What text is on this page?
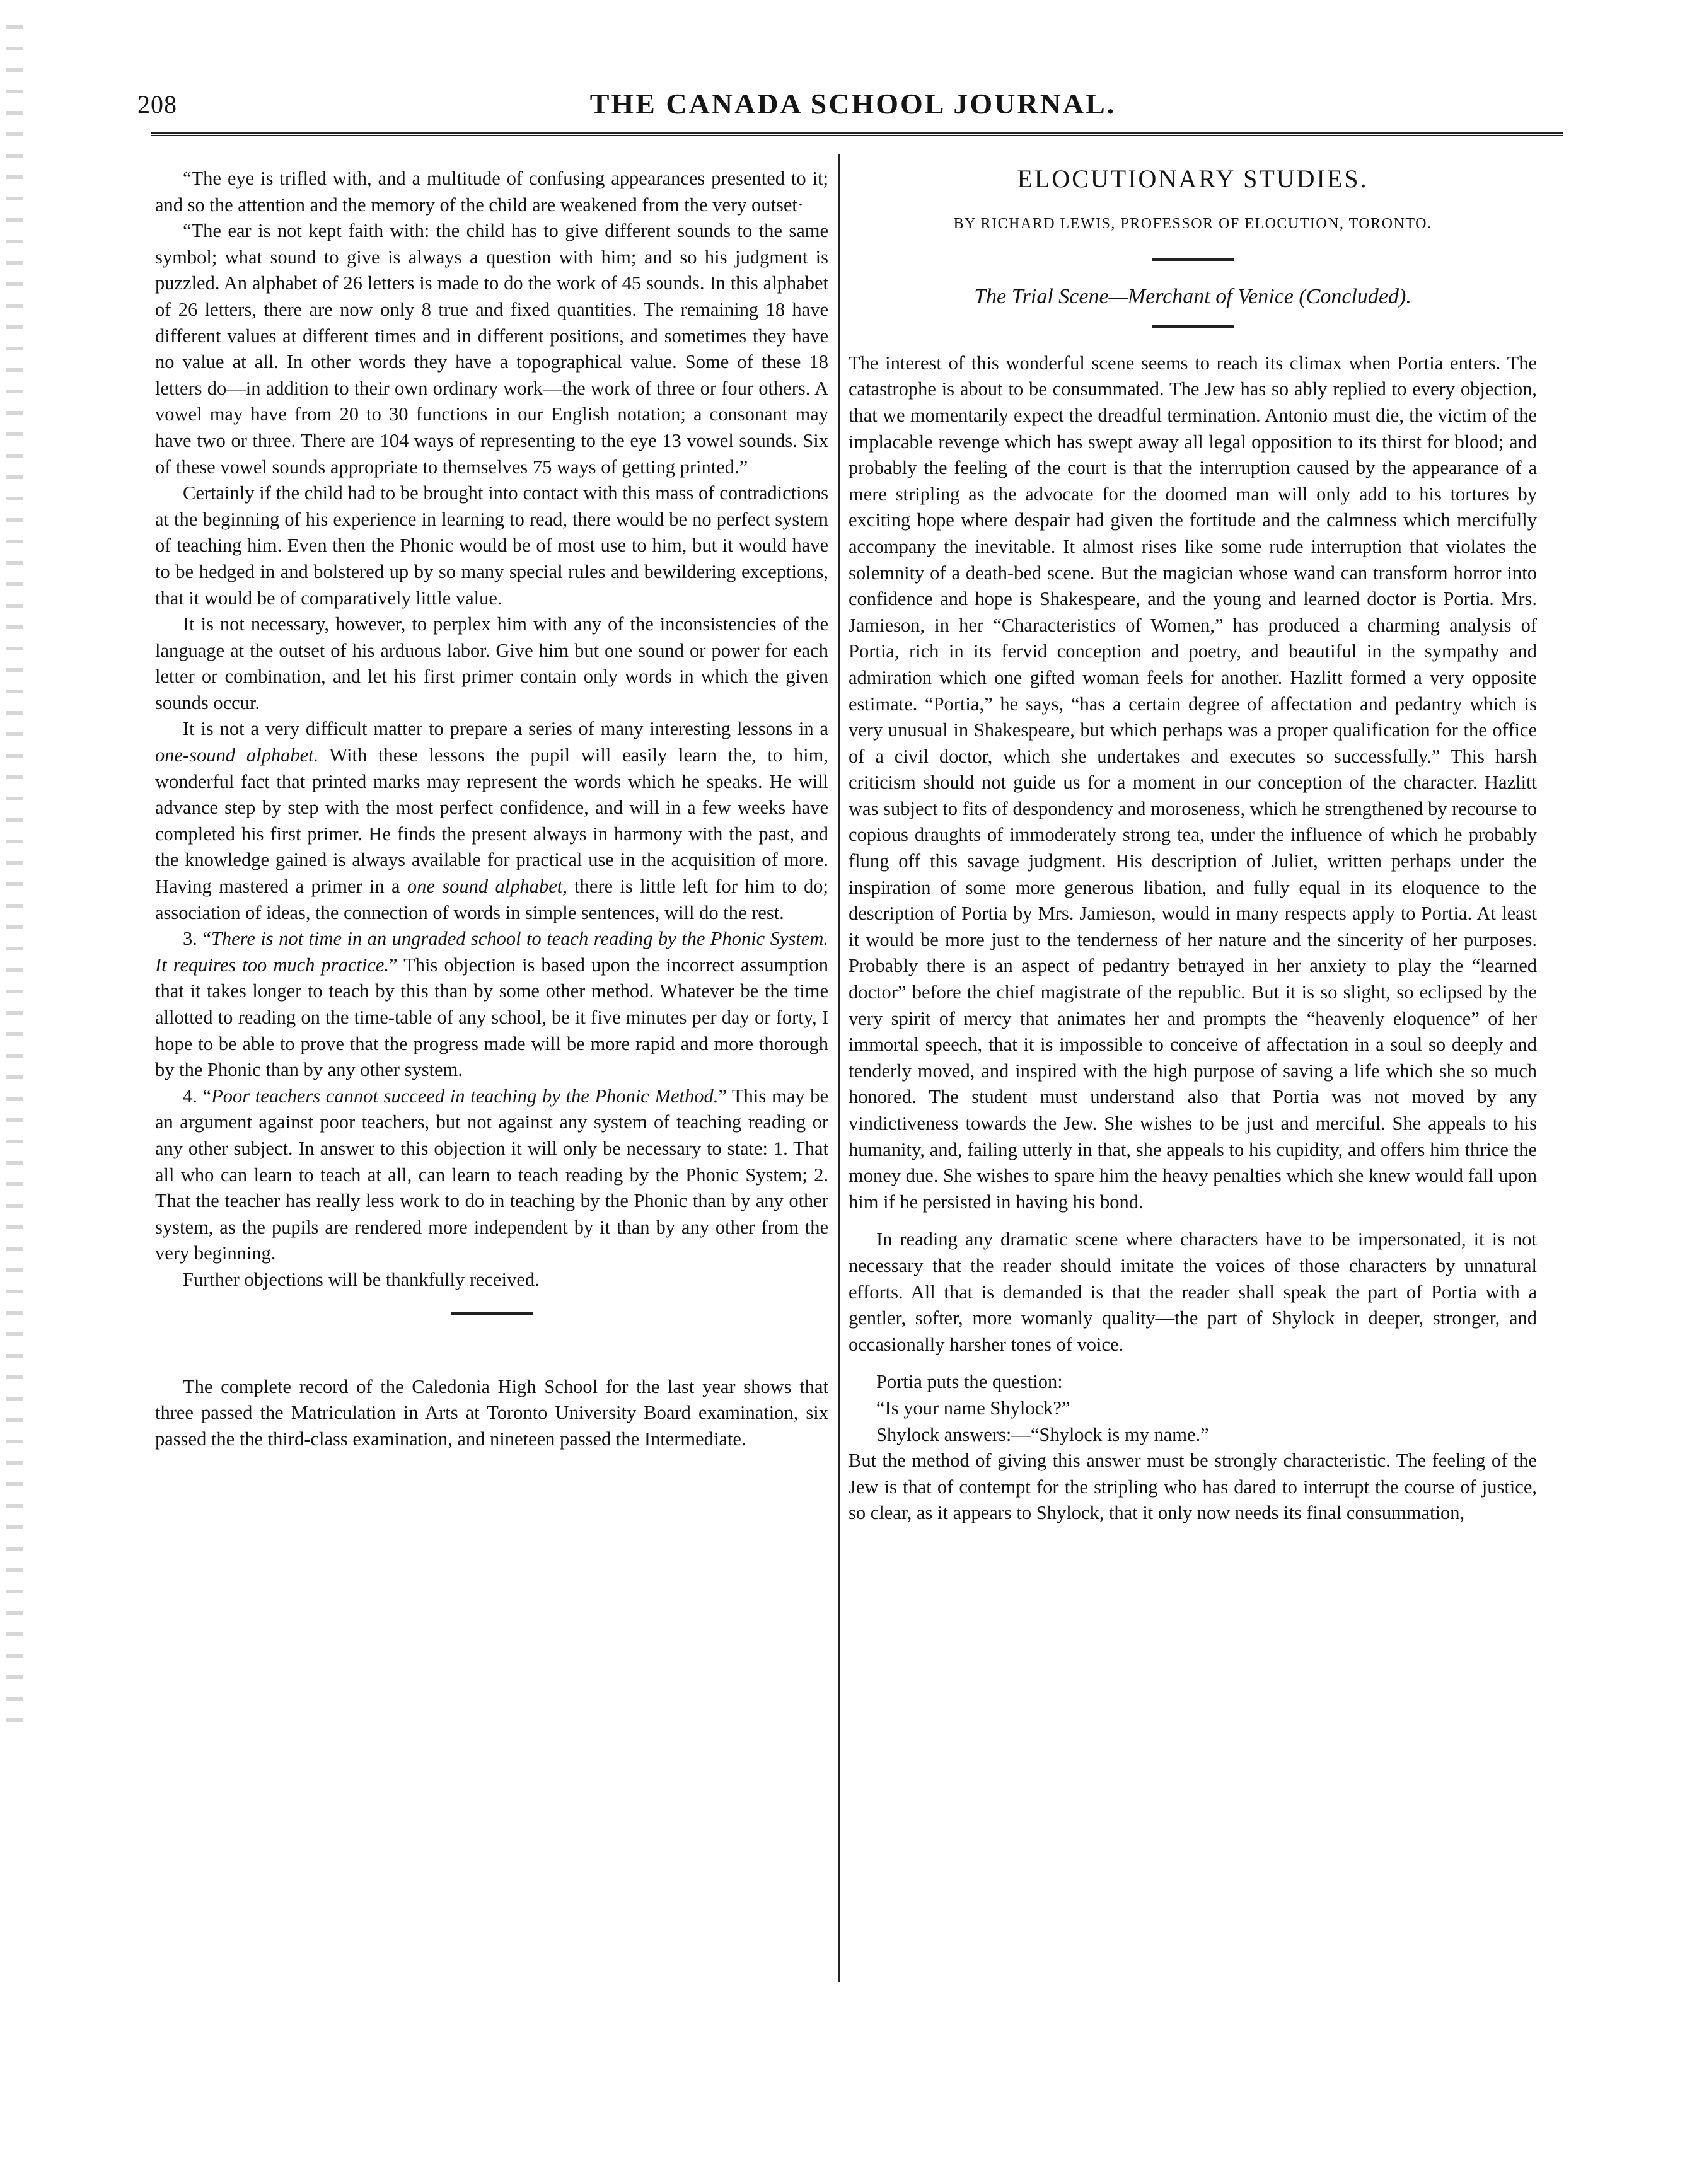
208	THE CANADA SCHOOL JOURNAL.

“The eye is trifled with, and a multitude of confusing appearances presented to it; and so the attention and the memory of the child are weakened from the very outset·

“The ear is not kept faith with: the child has to give different sounds to the same symbol; what sound to give is always a question with him; and so his judgment is puzzled. An alphabet of 26 letters is made to do the work of 45 sounds. In this alphabet of 26 letters, there are now only 8 true and fixed quantities. The remaining 18 have different values at different times and in different positions, and sometimes they have no value at all. In other words they have a topographical value. Some of these 18 letters do—in addition to their own ordinary work—the work of three or four others. A vowel may have from 20 to 30 functions in our English notation; a consonant may have two or three. There are 104 ways of representing to the eye 13 vowel sounds. Six of these vowel sounds appropriate to themselves 75 ways of getting printed.”

Certainly if the child had to be brought into contact with this mass of contradictions at the beginning of his experience in learning to read, there would be no perfect system of teaching him. Even then the Phonic would be of most use to him, but it would have to be hedged in and bolstered up by so many special rules and bewildering exceptions, that it would be of comparatively little value.

It is not necessary, however, to perplex him with any of the inconsistencies of the language at the outset of his arduous labor. Give him but one sound or power for each letter or combination, and let his first primer contain only words in which the given sounds occur.

It is not a very difficult matter to prepare a series of many interesting lessons in a one-sound alphabet. With these lessons the pupil will easily learn the, to him, wonderful fact that printed marks may represent the words which he speaks. He will advance step by step with the most perfect confidence, and will in a few weeks have completed his first primer. He finds the present always in harmony with the past, and the knowledge gained is always available for practical use in the acquisition of more. Having mastered a primer in a one sound alphabet, there is little left for him to do; association of ideas, the connection of words in simple sentences, will do the rest.

3. “There is not time in an ungraded school to teach reading by the Phonic System. It requires too much practice.” This objection is based upon the incorrect assumption that it takes longer to teach by this than by some other method. Whatever be the time allotted to reading on the time-table of any school, be it five minutes per day or forty, I hope to be able to prove that the progress made will be more rapid and more thorough by the Phonic than by any other system.

4. “Poor teachers cannot succeed in teaching by the Phonic Method.” This may be an argument against poor teachers, but not against any system of teaching reading or any other subject. In answer to this objection it will only be necessary to state: 1. That all who can learn to teach at all, can learn to teach reading by the Phonic System; 2. That the teacher has really less work to do in teaching by the Phonic than by any other system, as the pupils are rendered more independent by it than by any other from the very beginning.

Further objections will be thankfully received.

The complete record of the Caledonia High School for the last year shows that three passed the Matriculation in Arts at Toronto University Board examination, six passed the the third-class examination, and nineteen passed the Intermediate.

ELOCUTIONARY STUDIES.
BY RICHARD LEWIS, PROFESSOR OF ELOCUTION, TORONTO.
The Trial Scene—Merchant of Venice (Concluded).

The interest of this wonderful scene seems to reach its climax when Portia enters. The catastrophe is about to be consummated. The Jew has so ably replied to every objection, that we momentarily expect the dreadful termination. Antonio must die, the victim of the implacable revenge which has swept away all legal opposition to its thirst for blood; and probably the feeling of the court is that the interruption caused by the appearance of a mere stripling as the advocate for the doomed man will only add to his tortures by exciting hope where despair had given the fortitude and the calmness which mercifully accompany the inevitable. It almost rises like some rude interruption that violates the solemnity of a death-bed scene. But the magician whose wand can transform horror into confidence and hope is Shakespeare, and the young and learned doctor is Portia. Mrs. Jamieson, in her “Characteristics of Women,” has produced a charming analysis of Portia, rich in its fervid conception and poetry, and beautiful in the sympathy and admiration which one gifted woman feels for another. Hazlitt formed a very opposite estimate. “Portia,” he says, “has a certain degree of affectation and pedantry which is very unusual in Shakespeare, but which perhaps was a proper qualification for the office of a civil doctor, which she undertakes and executes so successfully.” This harsh criticism should not guide us for a moment in our conception of the character. Hazlitt was subject to fits of despondency and moroseness, which he strengthened by recourse to copious draughts of immoderately strong tea, under the influence of which he probably flung off this savage judgment. His description of Juliet, written perhaps under the inspiration of some more generous libation, and fully equal in its eloquence to the description of Portia by Mrs. Jamieson, would in many respects apply to Portia. At least it would be more just to the tenderness of her nature and the sincerity of her purposes. Probably there is an aspect of pedantry betrayed in her anxiety to play the “learned doctor” before the chief magistrate of the republic. But it is so slight, so eclipsed by the very spirit of mercy that animates her and prompts the “heavenly eloquence” of her immortal speech, that it is impossible to conceive of affectation in a soul so deeply and tenderly moved, and inspired with the high purpose of saving a life which she so much honored. The student must understand also that Portia was not moved by any vindictiveness towards the Jew. She wishes to be just and merciful. She appeals to his humanity, and, failing utterly in that, she appeals to his cupidity, and offers him thrice the money due. She wishes to spare him the heavy penalties which she knew would fall upon him if he persisted in having his bond.

In reading any dramatic scene where characters have to be impersonated, it is not necessary that the reader should imitate the voices of those characters by unnatural efforts. All that is demanded is that the reader shall speak the part of Portia with a gentler, softer, more womanly quality—the part of Shylock in deeper, stronger, and occasionally harsher tones of voice.

Portia puts the question:

“Is your name Shylock?”

Shylock answers:—“Shylock is my name.”

But the method of giving this answer must be strongly characteristic. The feeling of the Jew is that of contempt for the stripling who has dared to interrupt the course of justice, so clear, as it appears to Shylock, that it only now needs its final consummation,
